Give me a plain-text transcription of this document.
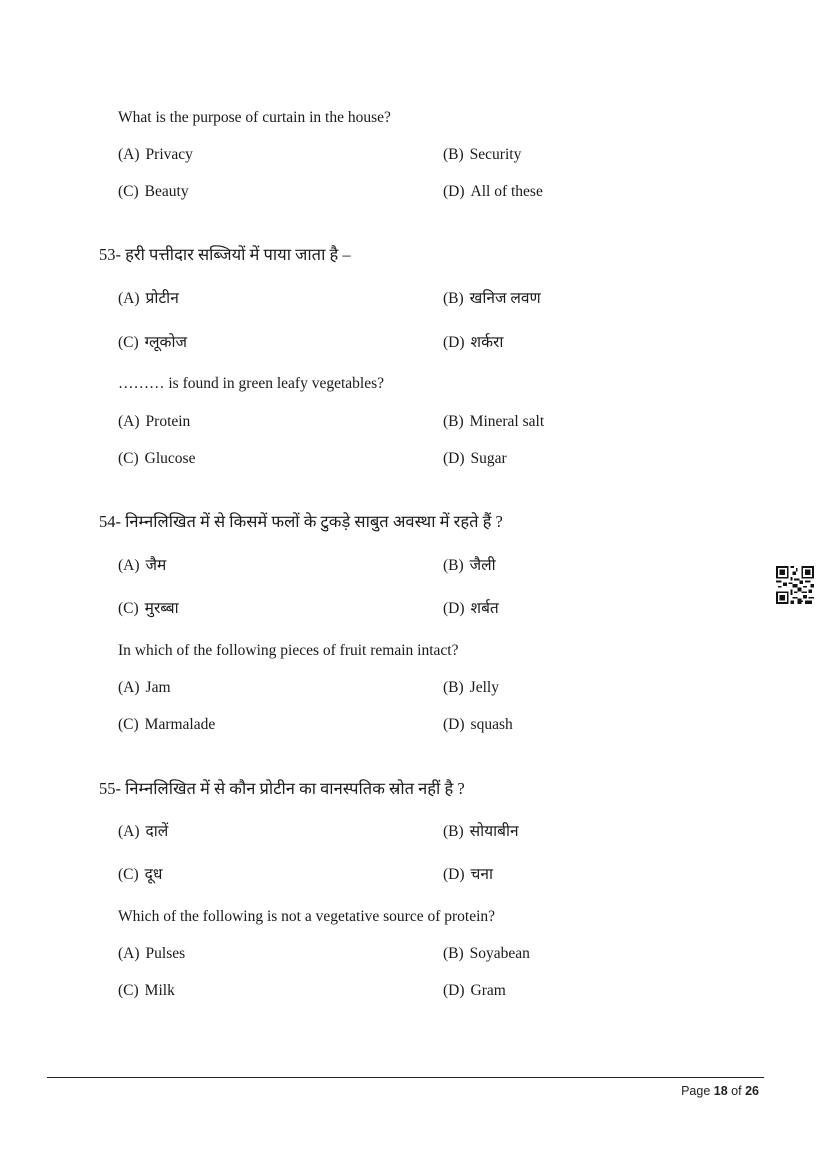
What is the purpose of curtain in the house?
(A) Privacy	(B) Security
(C) Beauty	(D) All of these
53- हरी पत्तीदार सब्जियों में पाया जाता है –
(A) प्रोटीन	(B) खनिज लवण
(C) ग्लूकोज	(D) शर्करा
……… is found in green leafy vegetables?
(A) Protein	(B) Mineral salt
(C) Glucose	(D) Sugar
54- निम्नलिखित में से किसमें फलों के टुकड़े साबुत अवस्था में रहते हैं ?
(A) जैम	(B) जैली
(C) मुरब्बा	(D) शर्बत
In which of the following pieces of fruit remain intact?
(A) Jam	(B) Jelly
(C) Marmalade	(D) squash
55- निम्नलिखित में से कौन प्रोटीन का वानस्पतिक स्रोत नहीं है ?
(A) दालें	(B) सोयाबीन
(C) दूध	(D) चना
Which of the following is not a vegetative source of protein?
(A) Pulses	(B) Soyabean
(C) Milk	(D) Gram
Page 18 of 26
